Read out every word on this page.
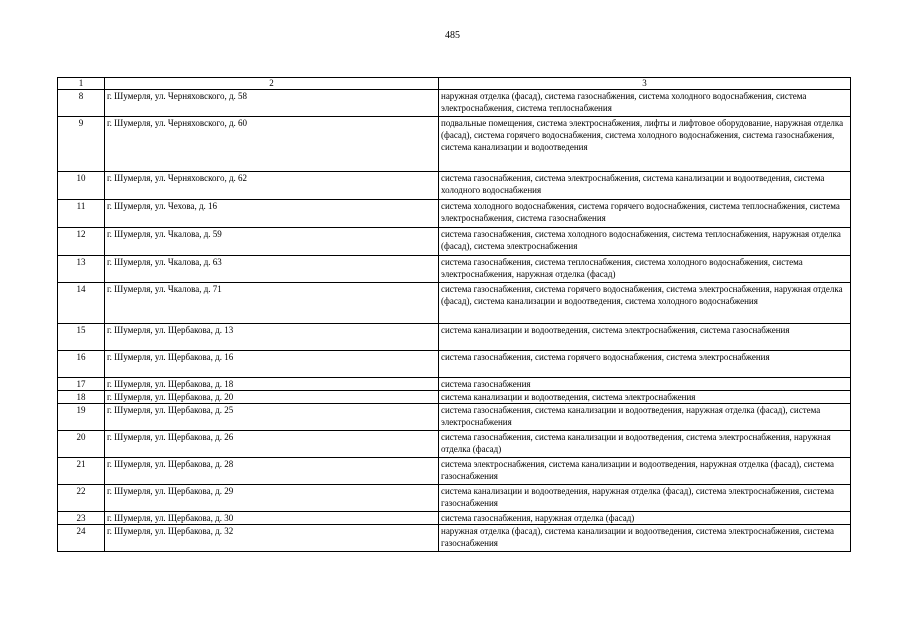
485
1	2	3
8	г. Шумерля, ул. Черняховского, д. 58	наружная отделка (фасад), система газоснабжения, система холодного водоснабжения, система электроснабжения, система теплоснабжения
9	г. Шумерля, ул. Черняховского, д. 60	подвальные помещения, система электроснабжения, лифты и лифтовое оборудование, наружная отделка (фасад), система горячего водоснабжения, система холодного водоснабжения, система газоснабжения, система канализации и водоотведения
10	г. Шумерля, ул. Черняховского, д. 62	система газоснабжения, система электроснабжения, система канализации и водоотведения, система холодного водоснабжения
11	г. Шумерля, ул. Чехова, д. 16	система холодного водоснабжения, система горячего водоснабжения, система теплоснабжения, система электроснабжения, система газоснабжения
12	г. Шумерля, ул. Чкалова, д. 59	система газоснабжения, система холодного водоснабжения, система теплоснабжения, наружная отделка (фасад), система электроснабжения
13	г. Шумерля, ул. Чкалова, д. 63	система газоснабжения, система теплоснабжения, система холодного водоснабжения, система электроснабжения, наружная отделка (фасад)
14	г. Шумерля, ул. Чкалова, д. 71	система газоснабжения, система горячего водоснабжения, система электроснабжения, наружная отделка (фасад), система канализации и водоотведения, система холодного водоснабжения
15	г. Шумерля, ул. Щербакова, д. 13	система канализации и водоотведения, система электроснабжения, система газоснабжения
16	г. Шумерля, ул. Щербакова, д. 16	система газоснабжения, система горячего водоснабжения, система электроснабжения
17	г. Шумерля, ул. Щербакова, д. 18	система газоснабжения
18	г. Шумерля, ул. Щербакова, д. 20	система канализации и водоотведения, система электроснабжения
19	г. Шумерля, ул. Щербакова, д. 25	система газоснабжения, система канализации и водоотведения, наружная отделка (фасад), система электроснабжения
20	г. Шумерля, ул. Щербакова, д. 26	система газоснабжения, система канализации и водоотведения, система электроснабжения, наружная отделка (фасад)
21	г. Шумерля, ул. Щербакова, д. 28	система электроснабжения, система канализации и водоотведения, наружная отделка (фасад), система газоснабжения
22	г. Шумерля, ул. Щербакова, д. 29	система канализации и водоотведения, наружная отделка (фасад), система электроснабжения, система газоснабжения
23	г. Шумерля, ул. Щербакова, д. 30	система газоснабжения, наружная отделка (фасад)
24	г. Шумерля, ул. Щербакова, д. 32	наружная отделка (фасад), система канализации и водоотведения, система электроснабжения, система газоснабжения
